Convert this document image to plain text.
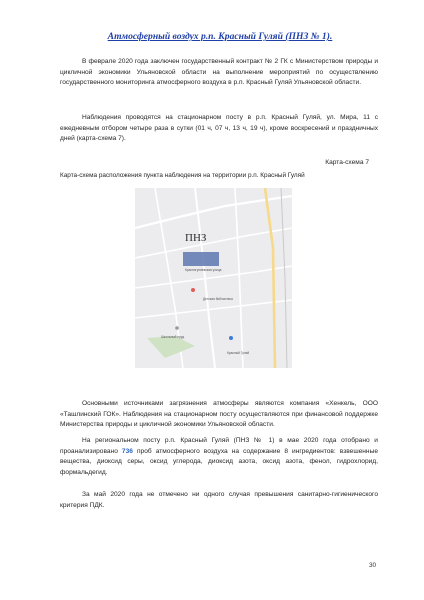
Атмосферный воздух р.п. Красный Гуляй (ПНЗ № 1).
В феврале 2020 года заключен государственный контракт № 2 ГК с Министерством природы и цикличной экономики Ульяновской области на выполнение мероприятий по осуществлению государственного мониторинга атмосферного воздуха в р.п. Красный Гуляй Ульяновской области.
Наблюдения проводятся на стационарном посту в р.п. Красный Гуляй, ул. Мира, 11 с ежедневным отбором четыре раза в сутки (01 ч, 07 ч, 13 ч, 19 ч), кроме воскресений и праздничных дней (карта-схема 7).
Карта-схема 7
Карта-схема расположения пункта наблюдения на территории р.п. Красный Гуляй
ПНЗ
Красногуляевская улица
Детская библиотека
Школьный пруд
Красный Гуляй
Основными источниками загрязнения атмосферы являются компания «Хенкель, ООО «Ташлинский ГОК». Наблюдения на стационарном посту осуществляются при финансовой поддержке Министерства природы и цикличной экономики Ульяновской области.
На региональном посту р.п. Красный Гуляй (ПНЗ № 1) в мае 2020 года отобрано и проанализировано 736 проб атмосферного воздуха на содержание 8 ингредиентов: взвешенные вещества, диоксид серы, оксид углерода, диоксид азота, оксид азота, фенол, гидрохлорид, формальдегид.
За май 2020 года не отмечено ни одного случая превышения санитарно-гигиенического критерия ПДК.
30
